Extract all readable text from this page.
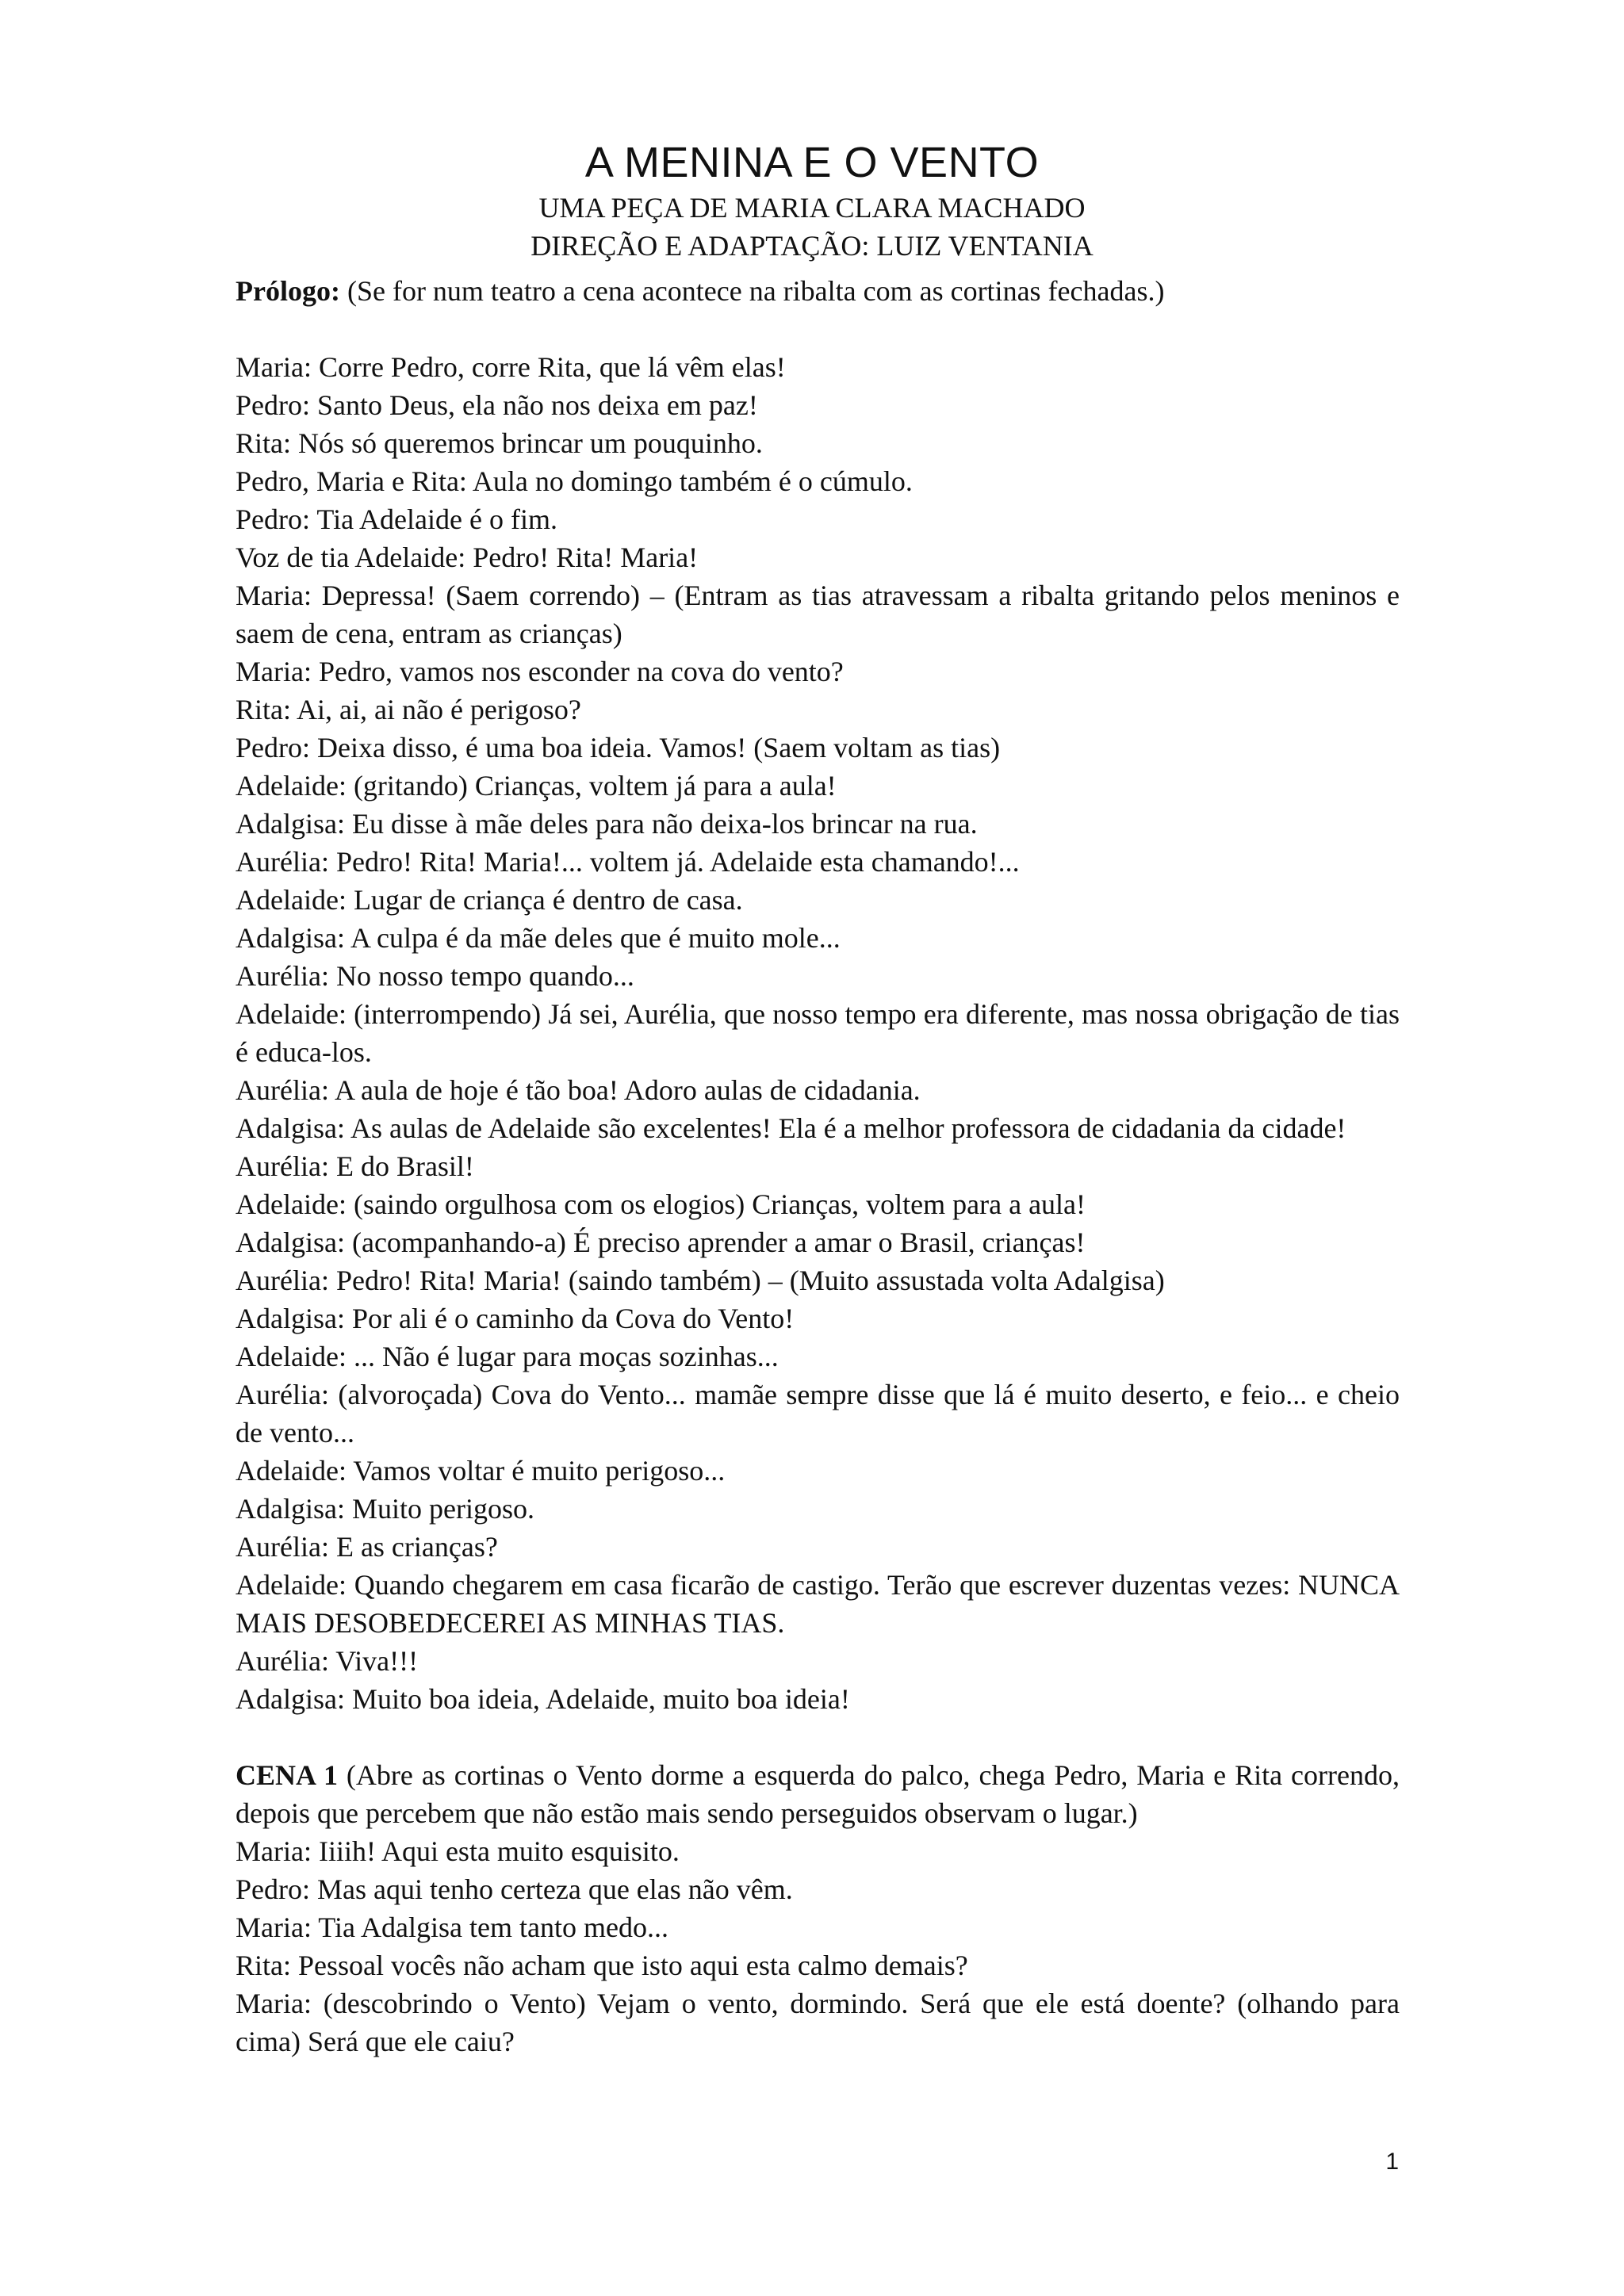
A MENINA E O VENTO

UMA PEÇA DE MARIA CLARA MACHADO

DIREÇÃO E ADAPTAÇÃO: LUIZ VENTANIA

Prólogo: (Se for num teatro a cena acontece na ribalta com as cortinas fechadas.)

Maria: Corre Pedro, corre Rita, que lá vêm elas!

Pedro: Santo Deus, ela não nos deixa em paz!

Rita: Nós só queremos brincar um pouquinho.

Pedro, Maria e Rita: Aula no domingo também é o cúmulo.

Pedro: Tia Adelaide é o fim.

Voz de tia Adelaide: Pedro! Rita! Maria!

Maria: Depressa! (Saem correndo) – (Entram as tias atravessam a ribalta gritando pelos meninos e saem de cena, entram as crianças)

Maria: Pedro, vamos nos esconder na cova do vento?

Rita: Ai, ai, ai não é perigoso?

Pedro: Deixa disso, é uma boa ideia. Vamos! (Saem voltam as tias)

Adelaide: (gritando) Crianças, voltem já para a aula!

Adalgisa: Eu disse à mãe deles para não deixa-los brincar na rua.

Aurélia: Pedro! Rita! Maria!... voltem já. Adelaide esta chamando!...

Adelaide: Lugar de criança é dentro de casa.

Adalgisa: A culpa é da mãe deles que é muito mole...

Aurélia: No nosso tempo quando...

Adelaide: (interrompendo) Já sei, Aurélia, que nosso tempo era diferente, mas nossa obrigação de tias é educa-los.

Aurélia: A aula de hoje é tão boa! Adoro aulas de cidadania.

Adalgisa: As aulas de Adelaide são excelentes! Ela é a melhor professora de cidadania da cidade!

Aurélia: E do Brasil!

Adelaide: (saindo orgulhosa com os elogios) Crianças, voltem para a aula!

Adalgisa: (acompanhando-a) É preciso aprender a amar o Brasil, crianças!

Aurélia: Pedro! Rita! Maria! (saindo também) – (Muito assustada volta Adalgisa)

Adalgisa: Por ali é o caminho da Cova do Vento!

Adelaide: ... Não é lugar para moças sozinhas...

Aurélia: (alvoroçada) Cova do Vento... mamãe sempre disse que lá é muito deserto, e feio... e cheio de vento...

Adelaide: Vamos voltar é muito perigoso...

Adalgisa: Muito perigoso.

Aurélia: E as crianças?

Adelaide: Quando chegarem em casa ficarão de castigo. Terão que escrever duzentas vezes: NUNCA MAIS DESOBEDECEREI AS MINHAS TIAS.

Aurélia: Viva!!!

Adalgisa: Muito boa ideia, Adelaide, muito boa ideia!

CENA 1 (Abre as cortinas o Vento dorme a esquerda do palco, chega Pedro, Maria e Rita correndo, depois que percebem que não estão mais sendo perseguidos observam o lugar.)

Maria: Iiiih! Aqui esta muito esquisito.

Pedro: Mas aqui tenho certeza que elas não vêm.

Maria: Tia Adalgisa tem tanto medo...

Rita: Pessoal vocês não acham que isto aqui esta calmo demais?

Maria: (descobrindo o Vento) Vejam o vento, dormindo. Será que ele está doente? (olhando para cima) Será que ele caiu?

1
